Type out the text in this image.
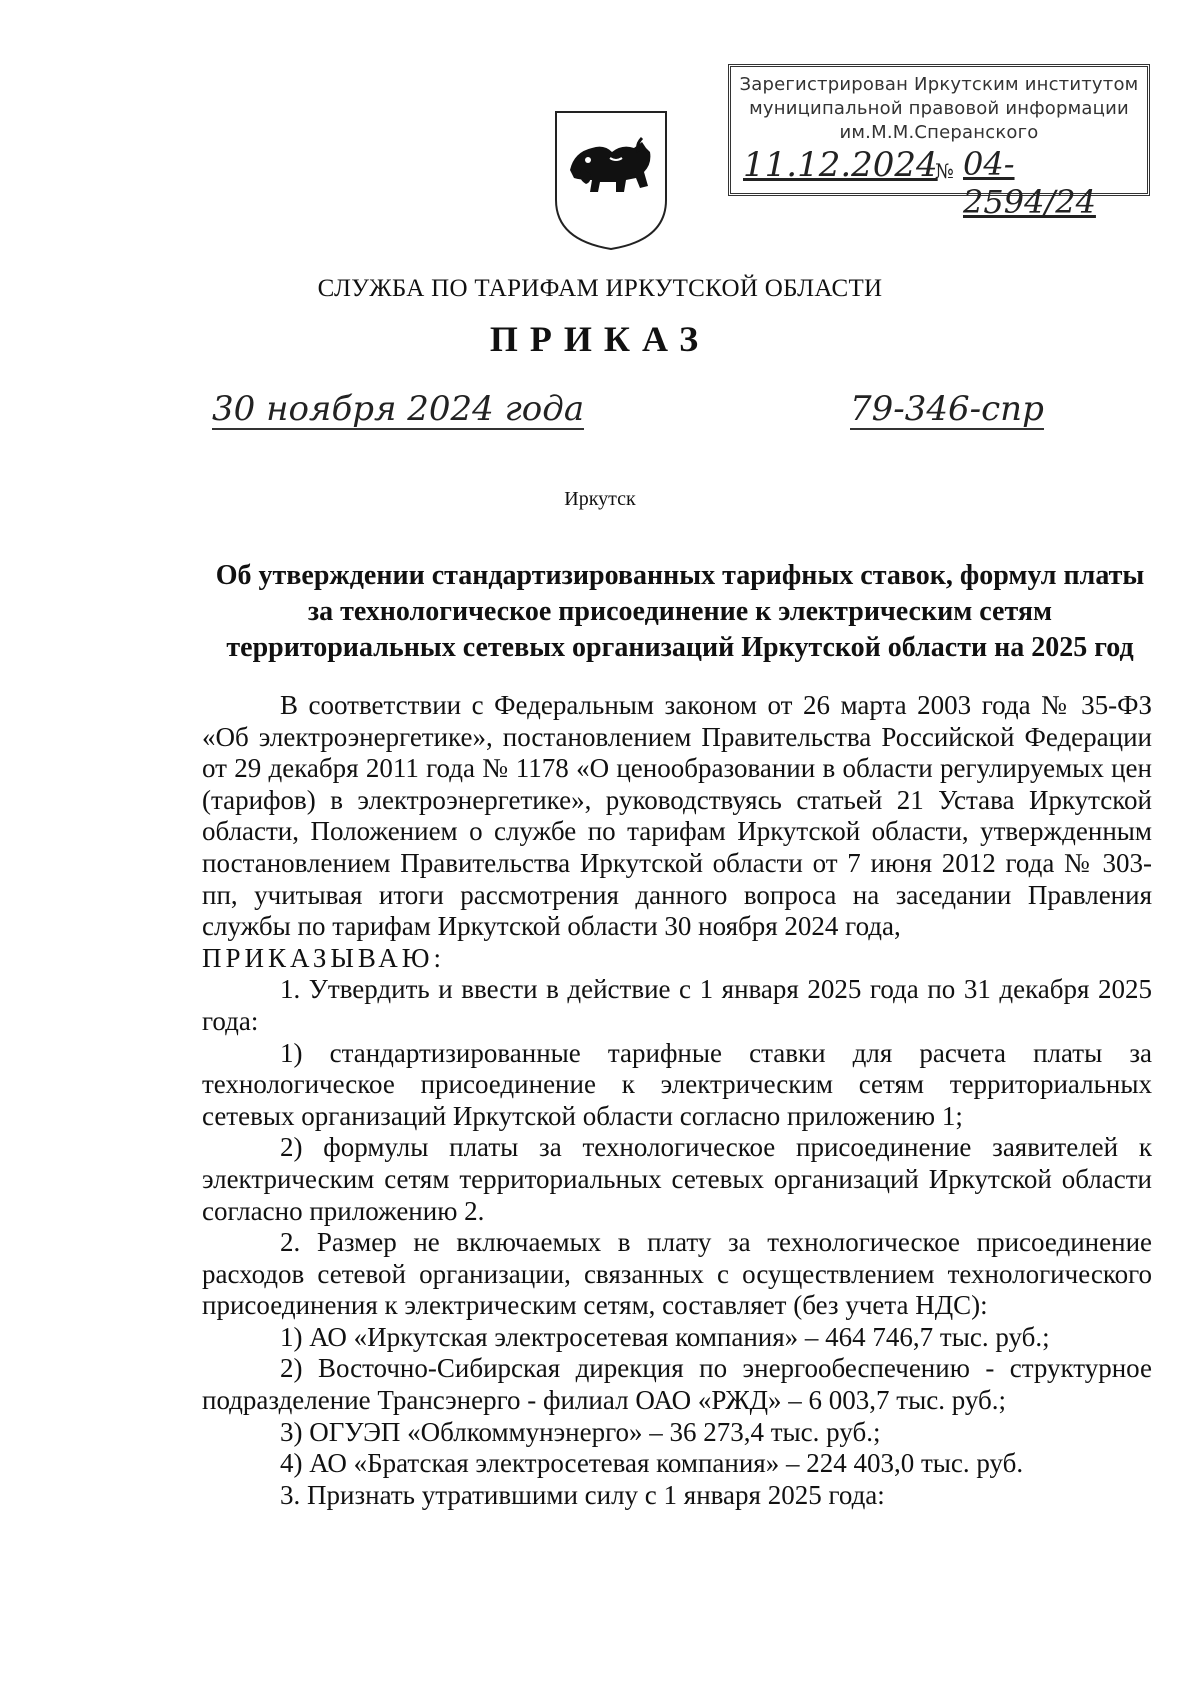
Зарегистрирован Иркутским институтом
муниципальной правовой информации
им.М.М.Сперанского
11.12.2024
№ 04-2594/24
СЛУЖБА ПО ТАРИФАМ ИРКУТСКОЙ ОБЛАСТИ
ПРИКАЗ
30 ноября 2024 года	79-346-спр
Иркутск
Об утверждении стандартизированных тарифных ставок, формул платы за технологическое присоединение к электрическим сетям территориальных сетевых организаций Иркутской области на 2025 год

В соответствии с Федеральным законом от 26 марта 2003 года № 35-ФЗ «Об электроэнергетике», постановлением Правительства Российской Федерации от 29 декабря 2011 года № 1178 «О ценообразовании в области регулируемых цен (тарифов) в электроэнергетике», руководствуясь статьей 21 Устава Иркутской области, Положением о службе по тарифам Иркутской области, утвержденным постановлением Правительства Иркутской области от 7 июня 2012 года № 303-пп, учитывая итоги рассмотрения данного вопроса на заседании Правления службы по тарифам Иркутской области 30 ноября 2024 года,

ПРИКАЗЫВАЮ:

1. Утвердить и ввести в действие с 1 января 2025 года по 31 декабря 2025 года:

1) стандартизированные тарифные ставки для расчета платы за технологическое присоединение к электрическим сетям территориальных сетевых организаций Иркутской области согласно приложению 1;

2) формулы платы за технологическое присоединение заявителей к электрическим сетям территориальных сетевых организаций Иркутской области согласно приложению 2.

2. Размер не включаемых в плату за технологическое присоединение расходов сетевой организации, связанных с осуществлением технологического присоединения к электрическим сетям, составляет (без учета НДС):

1) АО «Иркутская электросетевая компания» – 464 746,7 тыс. руб.;

2) Восточно-Сибирская дирекция по энергообеспечению - структурное подразделение Трансэнерго - филиал ОАО «РЖД» – 6 003,7 тыс. руб.;

3) ОГУЭП «Облкоммунэнерго» – 36 273,4 тыс. руб.;

4) АО «Братская электросетевая компания» – 224 403,0 тыс. руб.

3. Признать утратившими силу с 1 января 2025 года:
